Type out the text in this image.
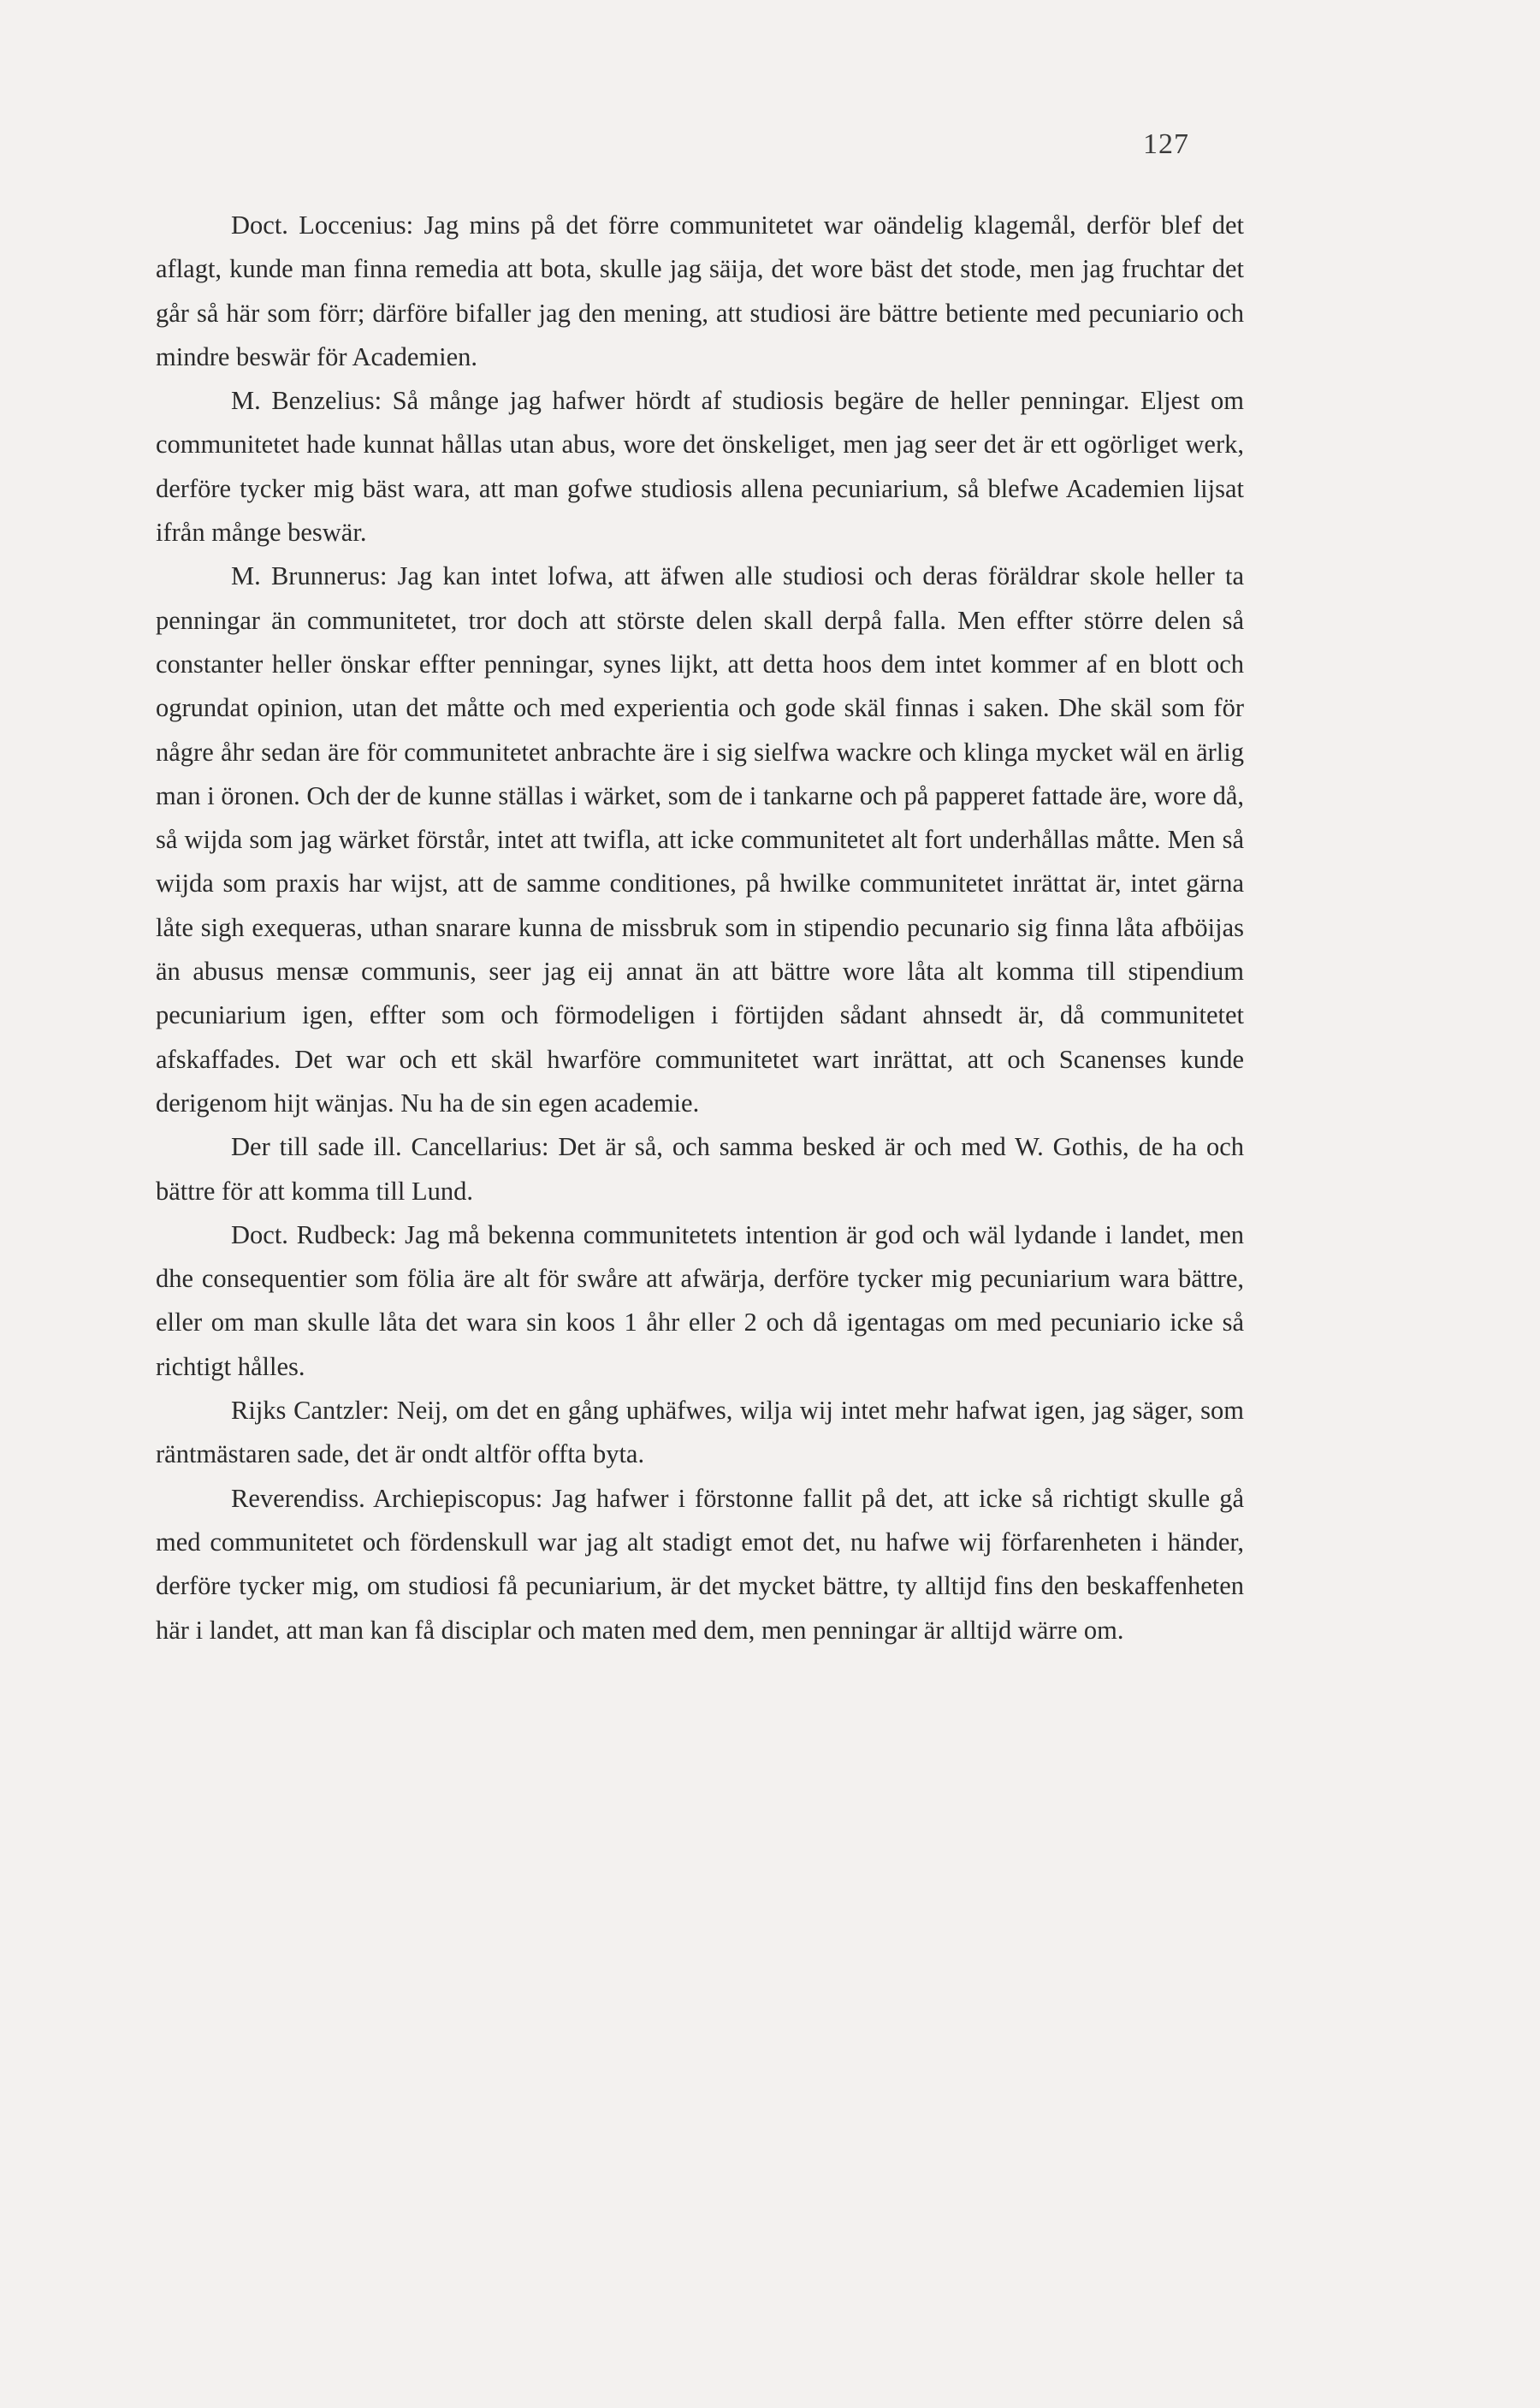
127

Doct. Loccenius: Jag mins på det förre communitetet war oändelig klagemål, derför blef det aflagt, kunde man finna remedia att bota, skulle jag säija, det wore bäst det stode, men jag fruchtar det går så här som förr; därföre bifaller jag den mening, att studiosi äre bättre betiente med pecuniario och mindre beswär för Academien.

M. Benzelius: Så månge jag hafwer hördt af studiosis begäre de heller penningar. Eljest om communitetet hade kunnat hållas utan abus, wore det önskeliget, men jag seer det är ett ogörliget werk, derföre tycker mig bäst wara, att man gofwe studiosis allena pecuniarium, så blefwe Academien lijsat ifrån månge beswär.

M. Brunnerus: Jag kan intet lofwa, att äfwen alle studiosi och deras föräldrar skole heller ta penningar än communitetet, tror doch att störste delen skall derpå falla. Men effter större delen så constanter heller önskar effter penningar, synes lijkt, att detta hoos dem intet kommer af en blott och ogrundat opinion, utan det måtte och med experientia och gode skäl finnas i saken. Dhe skäl som för någre åhr sedan äre för communitetet anbrachte äre i sig sielfwa wackre och klinga mycket wäl en ärlig man i öronen. Och der de kunne ställas i wärket, som de i tankarne och på papperet fattade äre, wore då, så wijda som jag wärket förstår, intet att twifla, att icke communitetet alt fort underhållas måtte. Men så wijda som praxis har wijst, att de samme conditiones, på hwilke communitetet inrättat är, intet gärna låte sigh exequeras, uthan snarare kunna de missbruk som in stipendio pecunario sig finna låta afböijas än abusus mensæ communis, seer jag eij annat än att bättre wore låta alt komma till stipendium pecuniarium igen, effter som och förmodeligen i förtijden sådant ahnsedt är, då communitetet afskaffades. Det war och ett skäl hwarföre communitetet wart inrättat, att och Scanenses kunde derigenom hijt wänjas. Nu ha de sin egen academie.

Der till sade ill. Cancellarius: Det är så, och samma besked är och med W. Gothis, de ha och bättre för att komma till Lund.

Doct. Rudbeck: Jag må bekenna communitetets intention är god och wäl lydande i landet, men dhe consequentier som fölia äre alt för swåre att afwärja, derföre tycker mig pecuniarium wara bättre, eller om man skulle låta det wara sin koos 1 åhr eller 2 och då igentagas om med pecuniario icke så richtigt hålles.

Rijks Cantzler: Neij, om det en gång uphäfwes, wilja wij intet mehr hafwat igen, jag säger, som räntmästaren sade, det är ondt altför offta byta.

Reverendiss. Archiepiscopus: Jag hafwer i förstonne fallit på det, att icke så richtigt skulle gå med communitetet och fördenskull war jag alt stadigt emot det, nu hafwe wij förfarenheten i händer, derföre tycker mig, om studiosi få pecuniarium, är det mycket bättre, ty alltijd fins den beskaffenheten här i landet, att man kan få disciplar och maten med dem, men penningar är alltijd wärre om.
